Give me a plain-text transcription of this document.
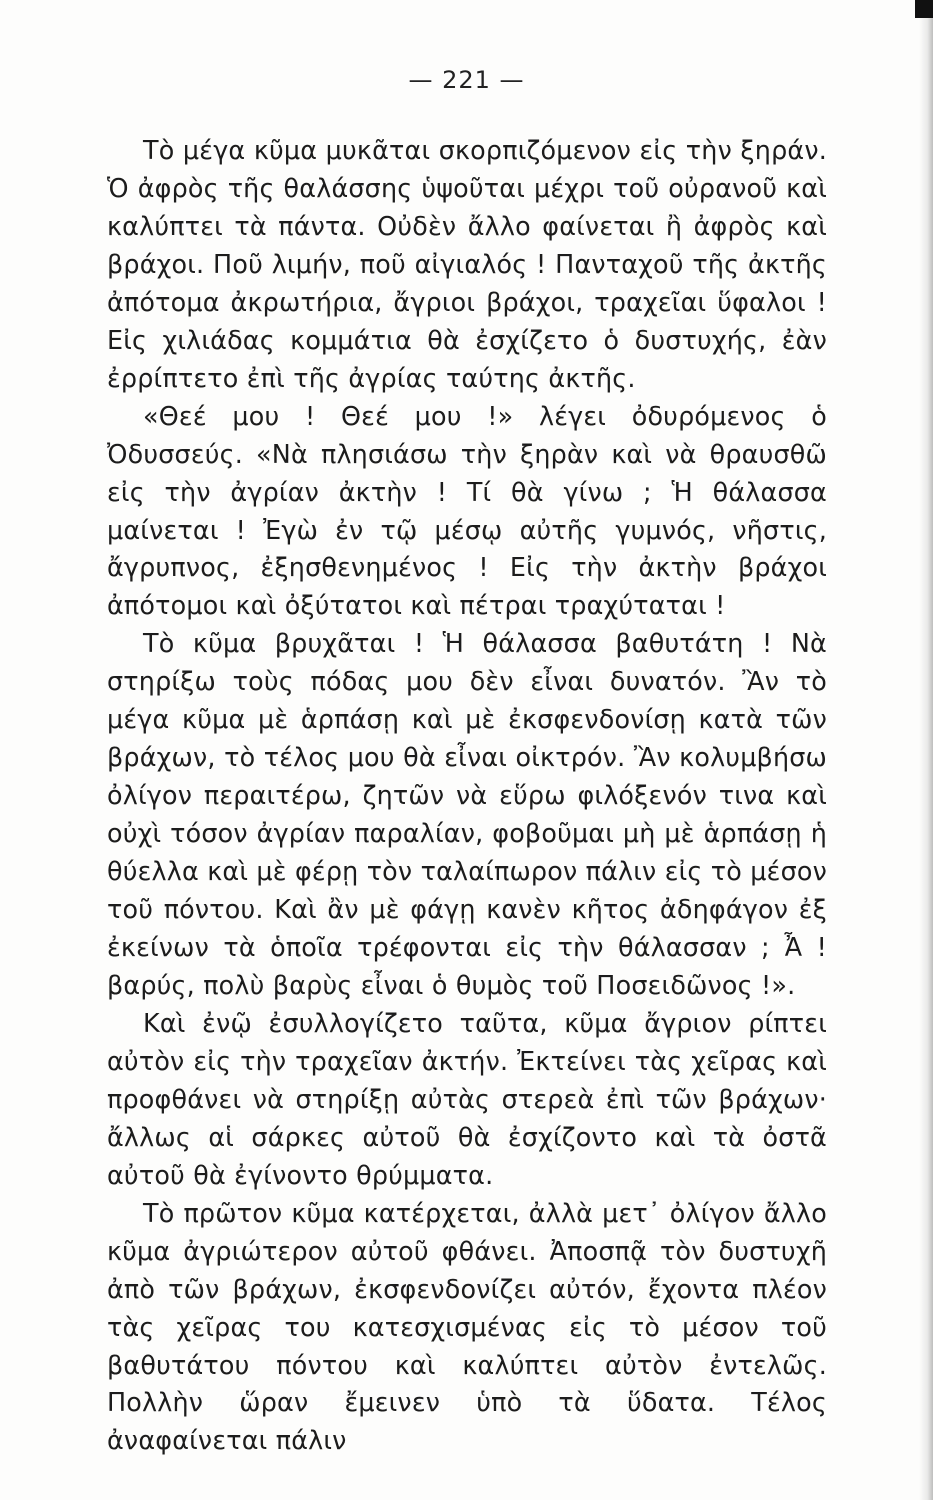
— 221 —

Τὸ μέγα κῦμα μυκᾶται σκορπιζόμενον εἰς τὴν ξηράν. Ὁ ἀφρὸς τῆς θαλάσσης ὑψοῦται μέχρι τοῦ οὐρανοῦ καὶ καλύπτει τὰ πάντα. Οὐδὲν ἄλλο φαίνεται ἢ ἀφρὸς καὶ βράχοι. Ποῦ λιμήν, ποῦ αἰγιαλός ! Πανταχοῦ τῆς ἀκτῆς ἀπότομα ἀκρωτήρια, ἄγριοι βράχοι, τραχεῖαι ὕφαλοι ! Εἰς χιλιάδας κομμάτια θὰ ἐσχίζετο ὁ δυστυχής, ἐὰν ἐρρίπτετο ἐπὶ τῆς ἀγρίας ταύτης ἀκτῆς.

«Θεέ μου ! Θεέ μου !» λέγει ὀδυρόμενος ὁ Ὀδυσσεύς. «Νὰ πλησιάσω τὴν ξηρὰν καὶ νὰ θραυσθῶ εἰς τὴν ἀγρίαν ἀκτὴν ! Τί θὰ γίνω ; Ἡ θάλασσα μαίνεται ! Ἐγὼ ἐν τῷ μέσῳ αὐτῆς γυμνός, νῆστις, ἄγρυπνος, ἐξησθενημένος ! Εἰς τὴν ἀκτὴν βράχοι ἀπότομοι καὶ ὀξύτατοι καὶ πέτραι τραχύταται !

Τὸ κῦμα βρυχᾶται ! Ἡ θάλασσα βαθυτάτη ! Νὰ στηρίξω τοὺς πόδας μου δὲν εἶναι δυνατόν. Ἂν τὸ μέγα κῦμα μὲ ἁρπάσῃ καὶ μὲ ἐκσφενδονίσῃ κατὰ τῶν βράχων, τὸ τέλος μου θὰ εἶναι οἰκτρόν. Ἂν κολυμβήσω ὀλίγον περαιτέρω, ζητῶν νὰ εὕρω φιλόξενόν τινα καὶ οὐχὶ τόσον ἀγρίαν παραλίαν, φοβοῦμαι μὴ μὲ ἁρπάσῃ ἡ θύελλα καὶ μὲ φέρῃ τὸν ταλαίπωρον πάλιν εἰς τὸ μέσον τοῦ πόντου. Καὶ ἂν μὲ φάγῃ κανὲν κῆτος ἀδηφάγον ἐξ ἐκείνων τὰ ὁποῖα τρέφονται εἰς τὴν θάλασσαν ; Ἆ ! βαρύς, πολὺ βαρὺς εἶναι ὁ θυμὸς τοῦ Ποσειδῶνος !».

Καὶ ἐνῷ ἐσυλλογίζετο ταῦτα, κῦμα ἄγριον ρίπτει αὐτὸν εἰς τὴν τραχεῖαν ἀκτήν. Ἐκτείνει τὰς χεῖρας καὶ προφθάνει νὰ στηρίξῃ αὐτὰς στερεὰ ἐπὶ τῶν βράχων· ἄλλως αἱ σάρκες αὐτοῦ θὰ ἐσχίζοντο καὶ τὰ ὀστᾶ αὐτοῦ θὰ ἐγίνοντο θρύμματα.

Τὸ πρῶτον κῦμα κατέρχεται, ἀλλὰ μετ᾽ ὀλίγον ἄλλο κῦμα ἀγριώτερον αὐτοῦ φθάνει. Ἀποσπᾷ τὸν δυστυχῆ ἀπὸ τῶν βράχων, ἐκσφενδονίζει αὐτόν, ἔχοντα πλέον τὰς χεῖρας του κατεσχισμένας εἰς τὸ μέσον τοῦ βαθυτάτου πόντου καὶ καλύπτει αὐτὸν ἐντελῶς. Πολλὴν ὥραν ἔμεινεν ὑπὸ τὰ ὕδατα. Τέλος ἀναφαίνεται πάλιν
